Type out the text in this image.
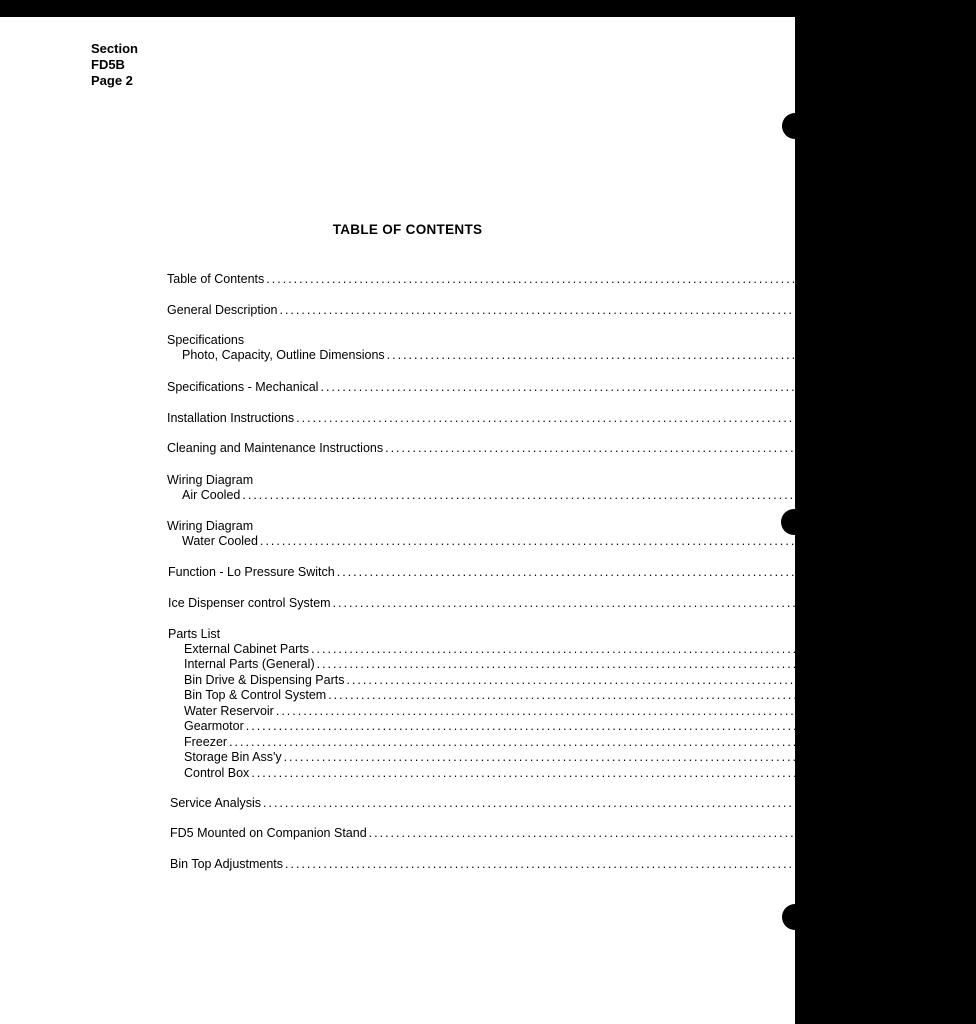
Section
FD5B
Page 2
TABLE OF CONTENTS
Table of Contents ........................................................................................................ 2
General Description ........................................................................................................ 3
Specifications
Photo, Capacity, Outline Dimensions ........................................................................................................ 4-5
Specifications - Mechanical ........................................................................................................ 6
Installation Instructions ........................................................................................................ 7-8-9
Cleaning and Maintenance Instructions ........................................................................................................ 10
Wiring Diagram
Air Cooled ........................................................................................................ 11
Wiring Diagram
Water Cooled ........................................................................................................ 12
Function - Lo Pressure Switch ........................................................................................................ 13
Ice Dispenser control System ........................................................................................................ 14
Parts List
External Cabinet Parts ........................................................................................................ 15
Internal Parts (General) ........................................................................................................ 16-17
Bin Drive & Dispensing Parts ........................................................................................................ 18
Bin Top & Control System ........................................................................................................ 19
Water Reservoir ........................................................................................................ 20
Gearmotor ........................................................................................................ 21
Freezer ........................................................................................................ 22
Storage Bin Ass'y ........................................................................................................ 23
Control Box ........................................................................................................ 24
Service Analysis ........................................................................................................ 25-27
FD5 Mounted on Companion Stand ........................................................................................................ 28
Bin Top Adjustments ........................................................................................................ 29
